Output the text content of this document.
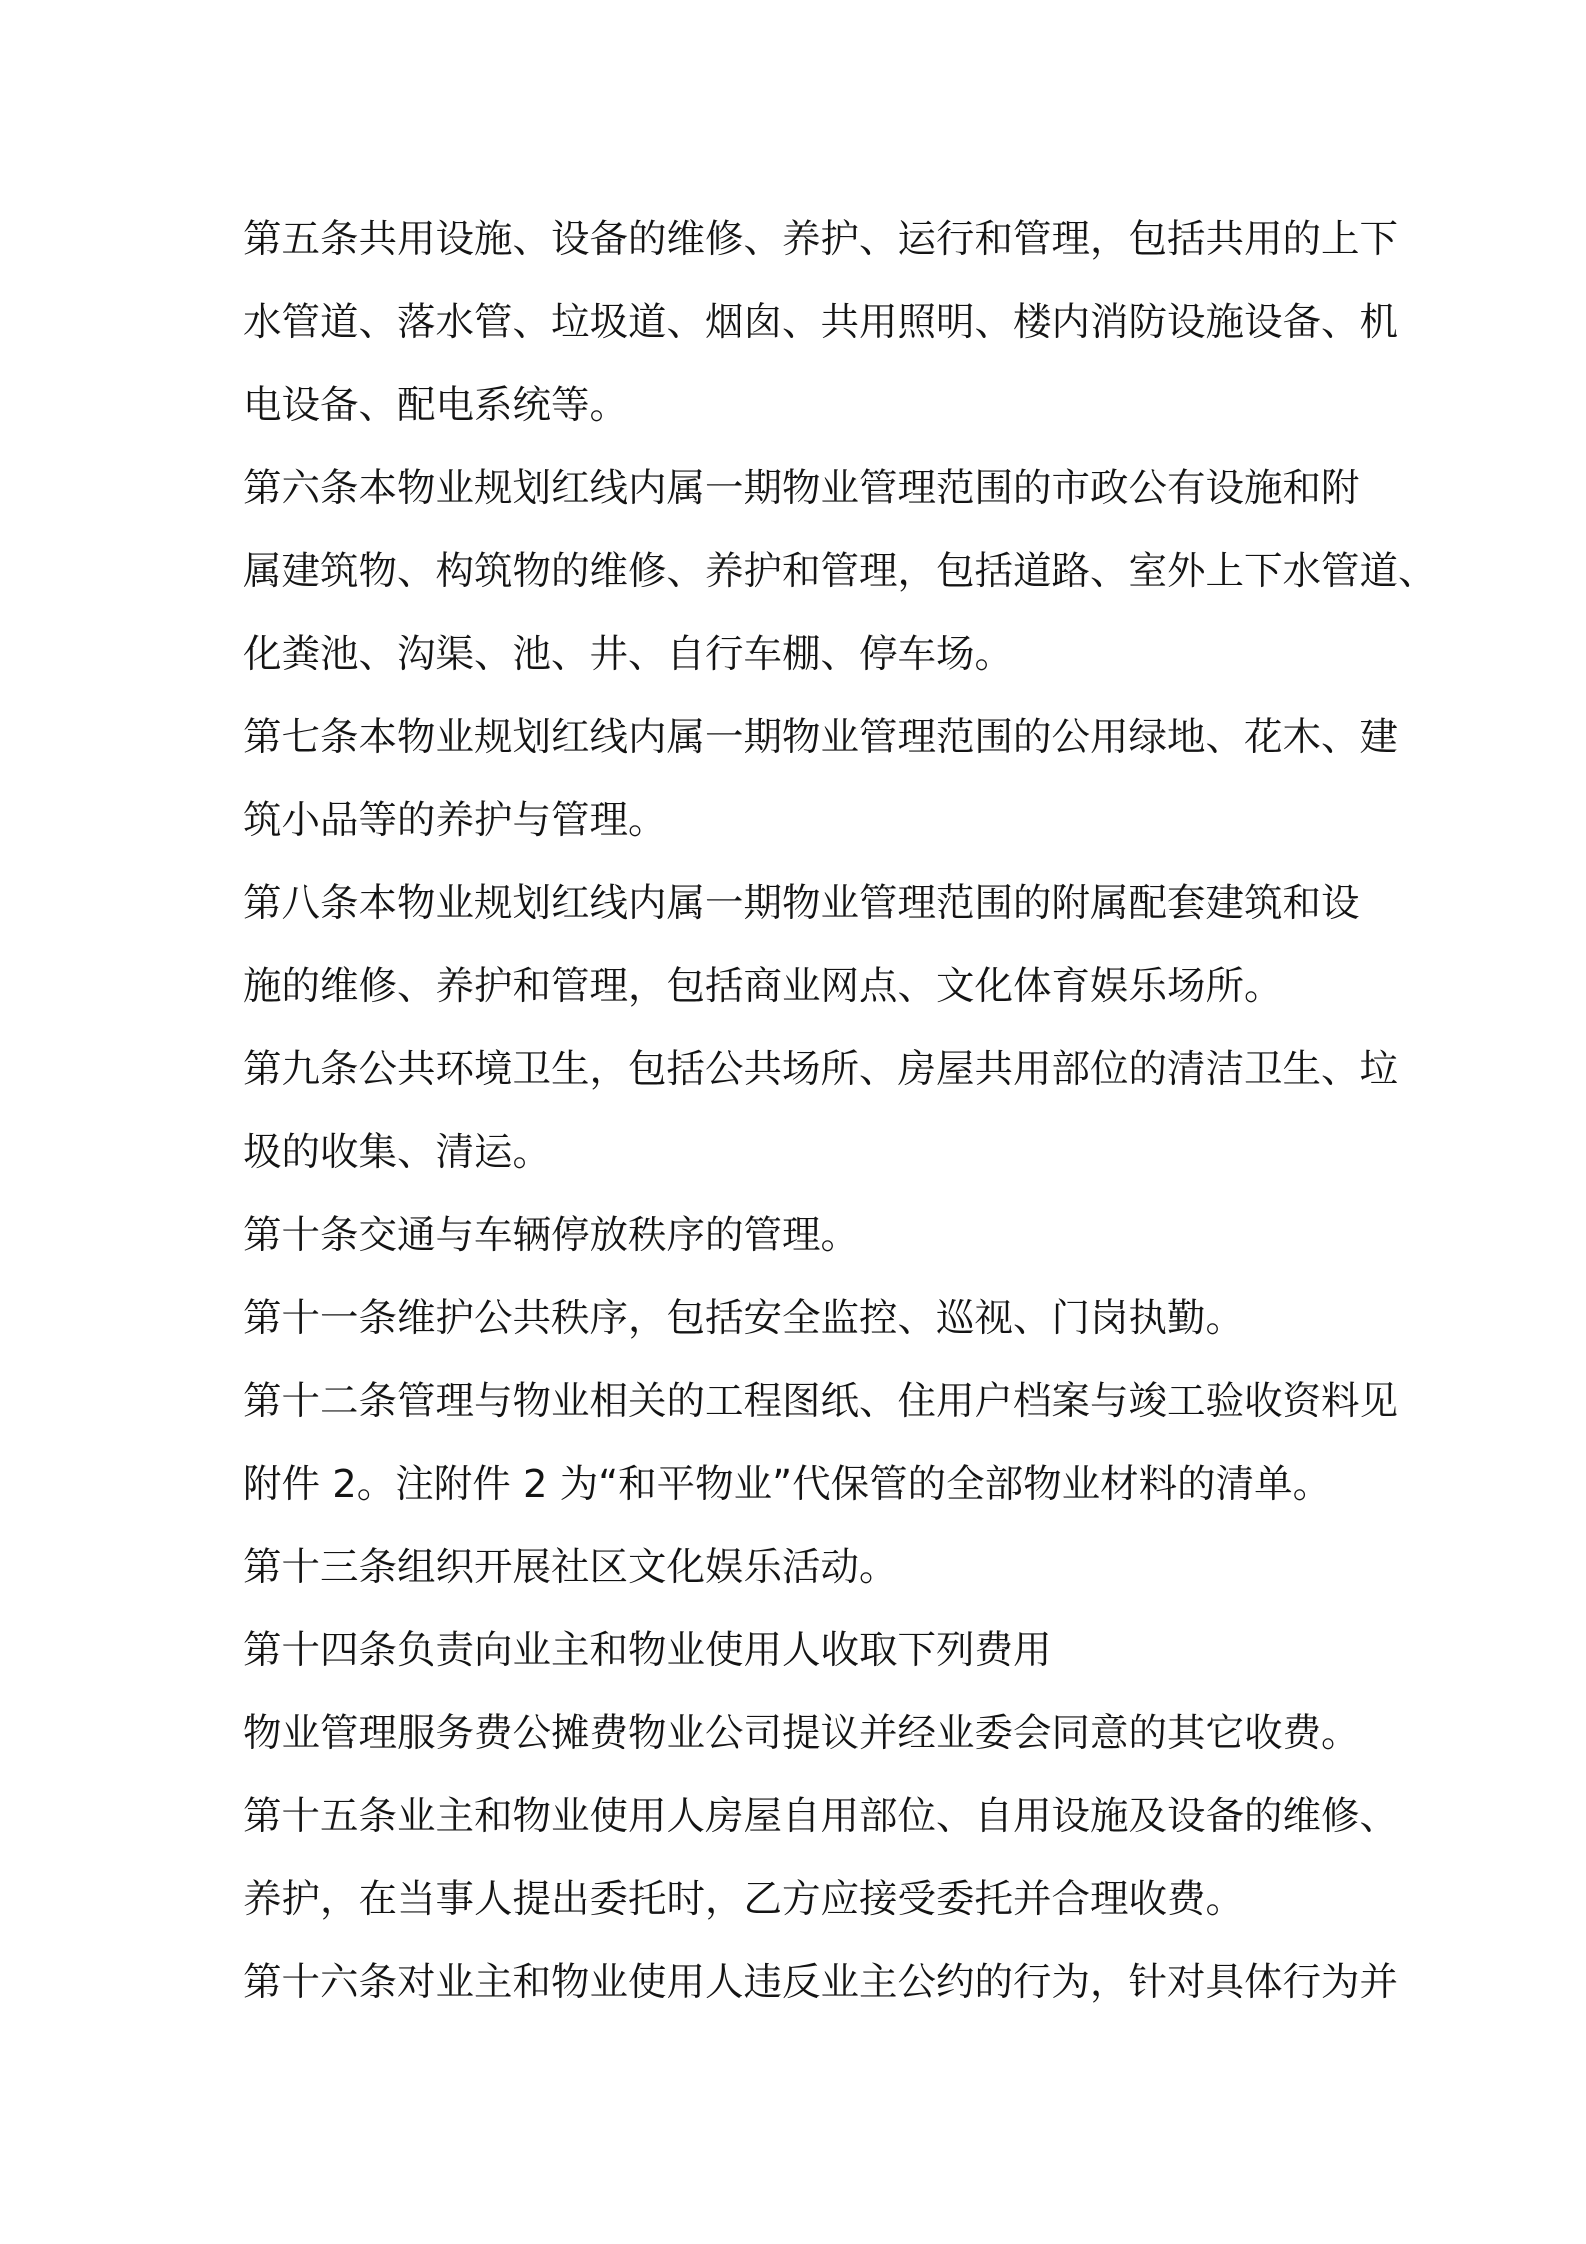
第五条共用设施、设备的维修、养护、运行和管理，包括共用的上下
水管道、落水管、垃圾道、烟囱、共用照明、楼内消防设施设备、机
电设备、配电系统等。
第六条本物业规划红线内属一期物业管理范围的市政公有设施和附
属建筑物、构筑物的维修、养护和管理，包括道路、室外上下水管道、
化粪池、沟渠、池、井、自行车棚、停车场。
第七条本物业规划红线内属一期物业管理范围的公用绿地、花木、建
筑小品等的养护与管理。
第八条本物业规划红线内属一期物业管理范围的附属配套建筑和设
施的维修、养护和管理，包括商业网点、文化体育娱乐场所。
第九条公共环境卫生，包括公共场所、房屋共用部位的清洁卫生、垃
圾的收集、清运。
第十条交通与车辆停放秩序的管理。
第十一条维护公共秩序，包括安全监控、巡视、门岗执勤。
第十二条管理与物业相关的工程图纸、住用户档案与竣工验收资料见
附件 2。注附件 2 为“和平物业”代保管的全部物业材料的清单。
第十三条组织开展社区文化娱乐活动。
第十四条负责向业主和物业使用人收取下列费用
物业管理服务费公摊费物业公司提议并经业委会同意的其它收费。
第十五条业主和物业使用人房屋自用部位、自用设施及设备的维修、
养护，在当事人提出委托时，乙方应接受委托并合理收费。
第十六条对业主和物业使用人违反业主公约的行为，针对具体行为并
